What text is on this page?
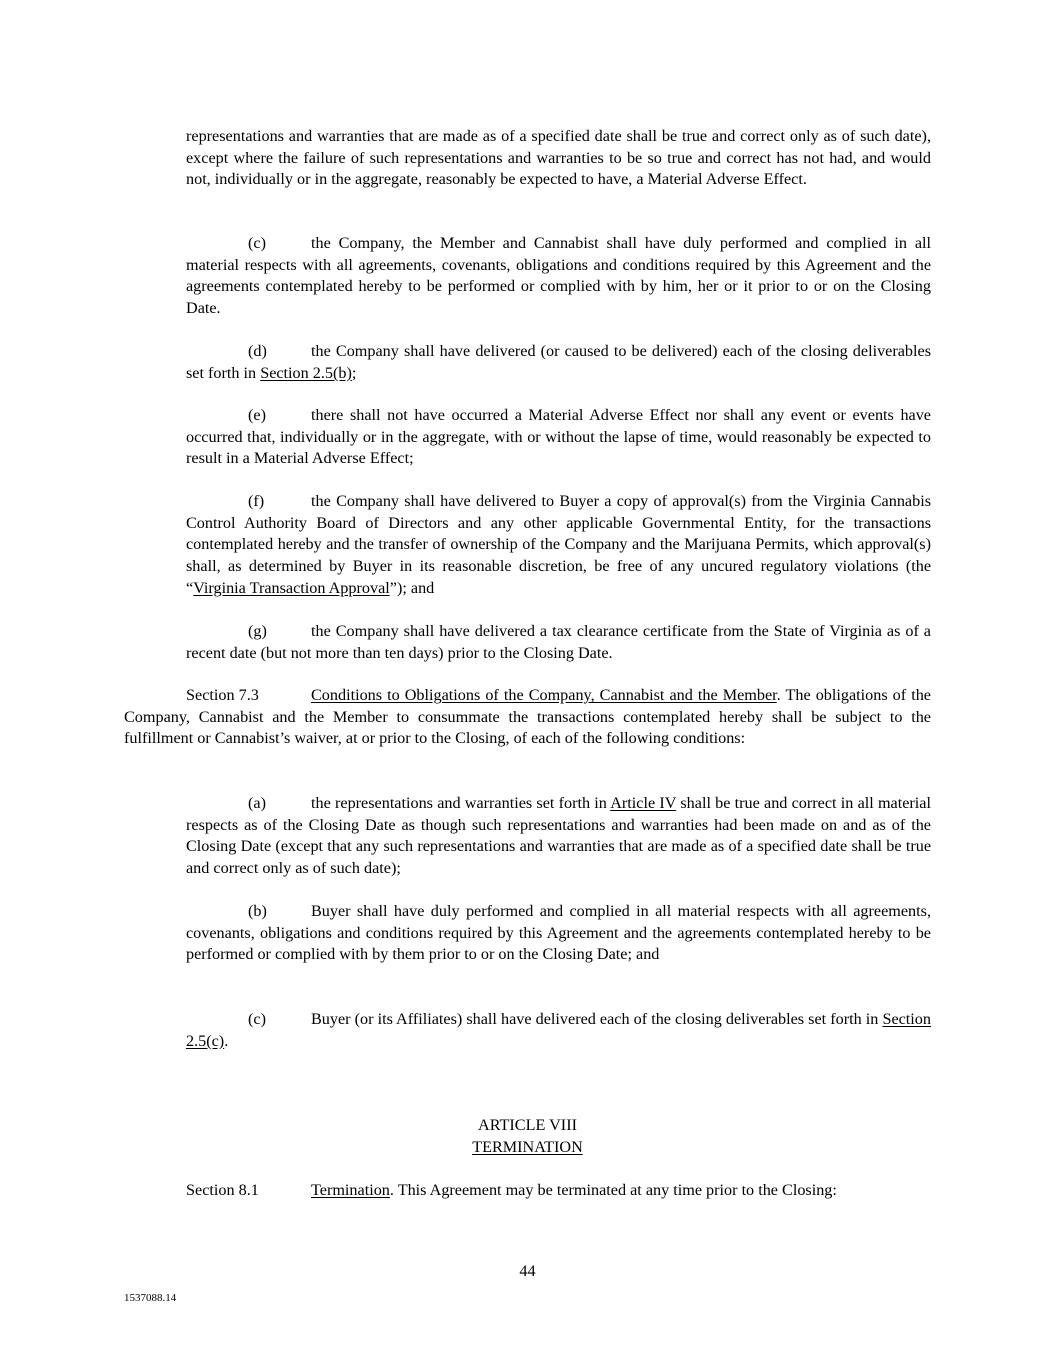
representations and warranties that are made as of a specified date shall be true and correct only as of such date), except where the failure of such representations and warranties to be so true and correct has not had, and would not, individually or in the aggregate, reasonably be expected to have, a Material Adverse Effect.

(c)	the Company, the Member and Cannabist shall have duly performed and complied in all material respects with all agreements, covenants, obligations and conditions required by this Agreement and the agreements contemplated hereby to be performed or complied with by him, her or it prior to or on the Closing Date.

(d)	the Company shall have delivered (or caused to be delivered) each of the closing deliverables set forth in Section 2.5(b);

(e)	there shall not have occurred a Material Adverse Effect nor shall any event or events have occurred that, individually or in the aggregate, with or without the lapse of time, would reasonably be expected to result in a Material Adverse Effect;

(f)	the Company shall have delivered to Buyer a copy of approval(s) from the Virginia Cannabis Control Authority Board of Directors and any other applicable Governmental Entity, for the transactions contemplated hereby and the transfer of ownership of the Company and the Marijuana Permits, which approval(s) shall, as determined by Buyer in its reasonable discretion, be free of any uncured regulatory violations (the “Virginia Transaction Approval”); and

(g)	the Company shall have delivered a tax clearance certificate from the State of Virginia as of a recent date (but not more than ten days) prior to the Closing Date.

Section 7.3	Conditions to Obligations of the Company, Cannabist and the Member. The obligations of the Company, Cannabist and the Member to consummate the transactions contemplated hereby shall be subject to the fulfillment or Cannabist’s waiver, at or prior to the Closing, of each of the following conditions:

(a)	the representations and warranties set forth in Article IV shall be true and correct in all material respects as of the Closing Date as though such representations and warranties had been made on and as of the Closing Date (except that any such representations and warranties that are made as of a specified date shall be true and correct only as of such date);

(b)	Buyer shall have duly performed and complied in all material respects with all agreements, covenants, obligations and conditions required by this Agreement and the agreements contemplated hereby to be performed or complied with by them prior to or on the Closing Date; and

(c)	Buyer (or its Affiliates) shall have delivered each of the closing deliverables set forth in Section 2.5(c).

ARTICLE VIII
TERMINATION

Section 8.1	Termination. This Agreement may be terminated at any time prior to the Closing:

44
1537088.14
